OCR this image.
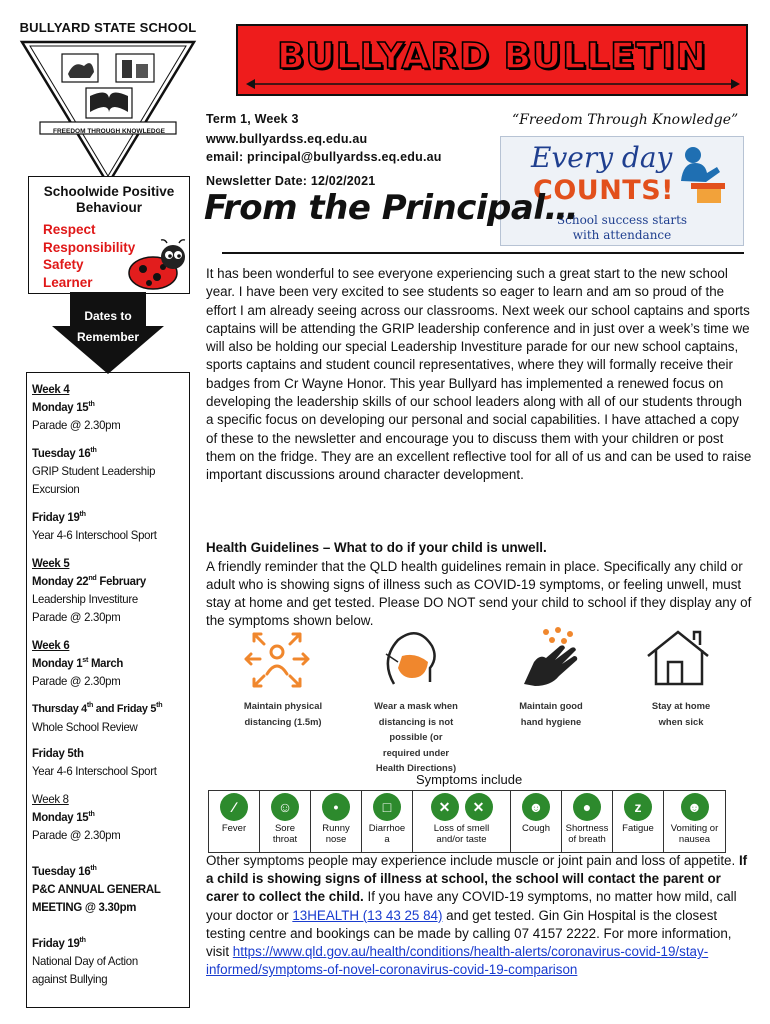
BULLYARD STATE SCHOOL
FREEDOM THROUGH KNOWLEDGE
BULLYARD BULLETIN
Term 1, Week 3
www.bullyardss.eq.edu.au
email: principal@bullyardss.eq.edu.au
Newsletter Date: 12/02/2021
“Freedom Through Knowledge”
Every day
COUNTS!
School success starts
with attendance
From the Principal…
It has been wonderful to see everyone experiencing such a great start to the new school year. I have been very excited to see students so eager to learn and am so proud of the effort I am already seeing across our classrooms. Next week our school captains and sports captains will be attending the GRIP leadership conference and in just over a week’s time we will also be holding our special Leadership Investiture parade for our new school captains, sports captains and student council representatives, where they will formally receive their badges from Cr Wayne Honor. This year Bullyard has implemented a renewed focus on developing the leadership skills of our school leaders along with all of our students through a specific focus on developing our personal and social capabilities. I have attached a copy of these to the newsletter and encourage you to discuss them with your children or post them on the fridge. They are an excellent reflective tool for all of us and can be used to raise important discussions around character development.
Health Guidelines – What to do if your child is unwell.
A friendly reminder that the QLD health guidelines remain in place. Specifically any child or adult who is showing signs of illness such as COVID-19 symptoms, or feeling unwell, must stay at home and get tested. Please DO NOT send your child to school if they display any of the symptoms shown below.
Maintain physical
distancing (1.5m)
Wear a mask when
distancing is not
possible (or
required under
Health Directions)
Maintain good
hand hygiene
Stay at home
when sick
Symptoms include
∕
Fever

☺
Sore
throat

•
Runny
nose

□
Diarrhoe
a

✕	✕
Loss of smell
and/or taste

☻
Cough

●
Shortness
of breath

z
Fatigue

☻
Vomiting or
nausea
Other symptoms people may experience include muscle or joint pain and loss of appetite. If a child is showing signs of illness at school, the school will contact the parent or carer to collect the child. If you have any COVID-19 symptoms, no matter how mild, call your doctor or 13HEALTH (13 43 25 84) and get tested. Gin Gin Hospital is the closest testing centre and bookings can be made by calling 07 4157 2222. For more information, visit https://www.qld.gov.au/health/conditions/health-alerts/coronavirus-covid-19/stay-informed/symptoms-of-novel-coronavirus-covid-19-comparison
Schoolwide Positive
Behaviour
Respect
Responsibility
Safety
Learner
Dates to
Remember
Week 4
Monday 15th
Parade @ 2.30pm
Tuesday 16th
GRIP Student Leadership
Excursion
Friday 19th
Year 4-6 Interschool Sport
Week 5
Monday 22nd February
Leadership Investiture
Parade @ 2.30pm
Week 6
Monday 1st March
Parade @ 2.30pm
Thursday 4th and Friday 5th
Whole School Review
Friday 5th
Year 4-6 Interschool Sport
Week 8
Monday 15th
Parade @ 2.30pm
Tuesday 16th
P&C ANNUAL GENERAL
MEETING @ 3.30pm
Friday 19th
National Day of Action
against Bullying
